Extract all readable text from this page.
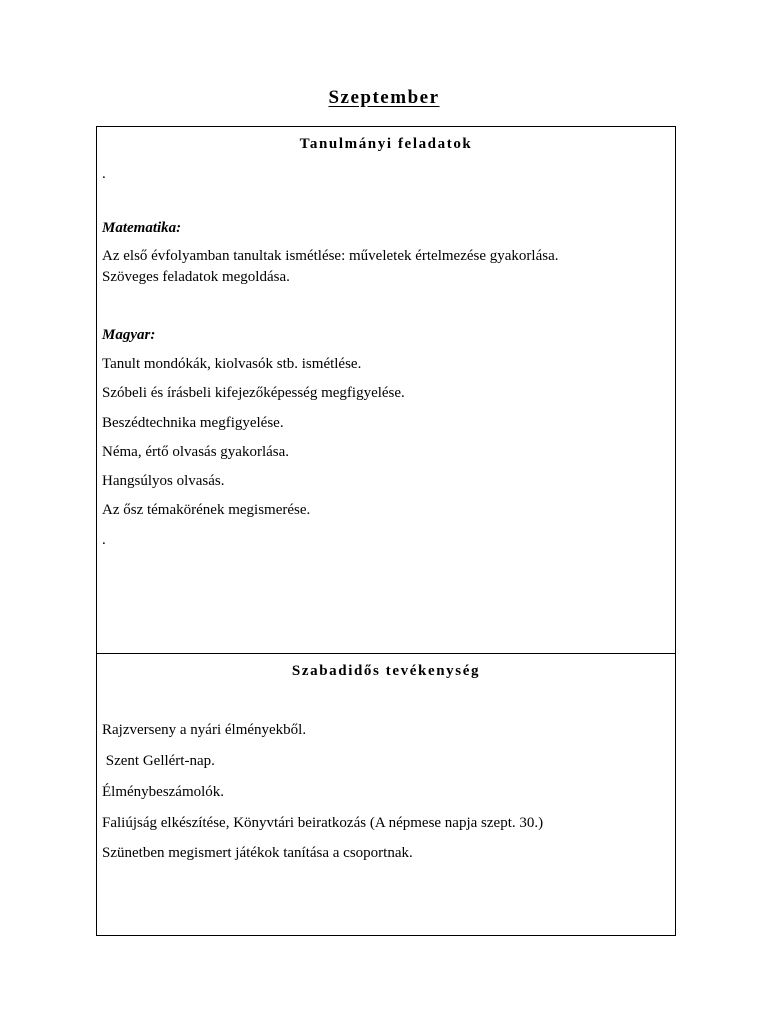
Szeptember
Tanulmányi feladatok
.
Matematika:
Az első évfolyamban tanultak ismétlése: műveletek értelmezése gyakorlása.
Szöveges feladatok megoldása.
Magyar:
Tanult mondókák, kiolvasók stb. ismétlése.
Szóbeli és írásbeli kifejezőképesség megfigyelése.
Beszédtechnika megfigyelése.
Néma, értő olvasás gyakorlása.
Hangsúlyos olvasás.
Az ősz témakörének megismerése.
.
Szabadidős tevékenység
Rajzverseny a nyári élményekből.
Szent Gellért-nap.
Élménybeszámolók.
Faliújság elkészítése, Könyvtári beiratkozás (A népmese napja szept. 30.)
Szünetben megismert játékok tanítása a csoportnak.
